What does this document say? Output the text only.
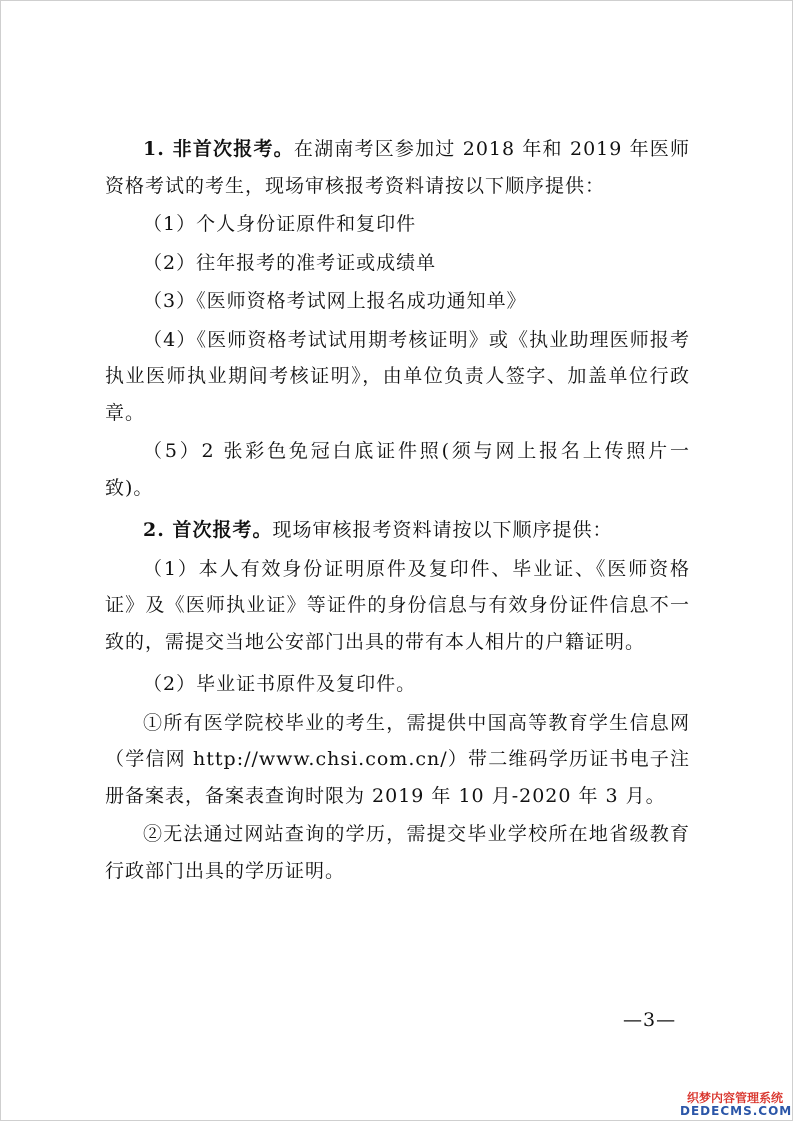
1. 非首次报考。在湖南考区参加过 2018 年和 2019 年医师资格考试的考生，现场审核报考资料请按以下顺序提供：

（1）个人身份证原件和复印件

（2）往年报考的准考证或成绩单

（3）《医师资格考试网上报名成功通知单》

（4）《医师资格考试试用期考核证明》或《执业助理医师报考执业医师执业期间考核证明》，由单位负责人签字、加盖单位行政章。

（5）2 张彩色免冠白底证件照(须与网上报名上传照片一致)。

2. 首次报考。现场审核报考资料请按以下顺序提供：

（1）本人有效身份证明原件及复印件、毕业证、《医师资格证》及《医师执业证》等证件的身份信息与有效身份证件信息不一致的，需提交当地公安部门出具的带有本人相片的户籍证明。

（2）毕业证书原件及复印件。

①所有医学院校毕业的考生，需提供中国高等教育学生信息网（学信网 http://www.chsi.com.cn/）带二维码学历证书电子注册备案表，备案表查询时限为 2019 年 10 月-2020 年 3 月。

②无法通过网站查询的学历，需提交毕业学校所在地省级教育行政部门出具的学历证明。

—3—
织梦内容管理系统
DEDECMS.COM
